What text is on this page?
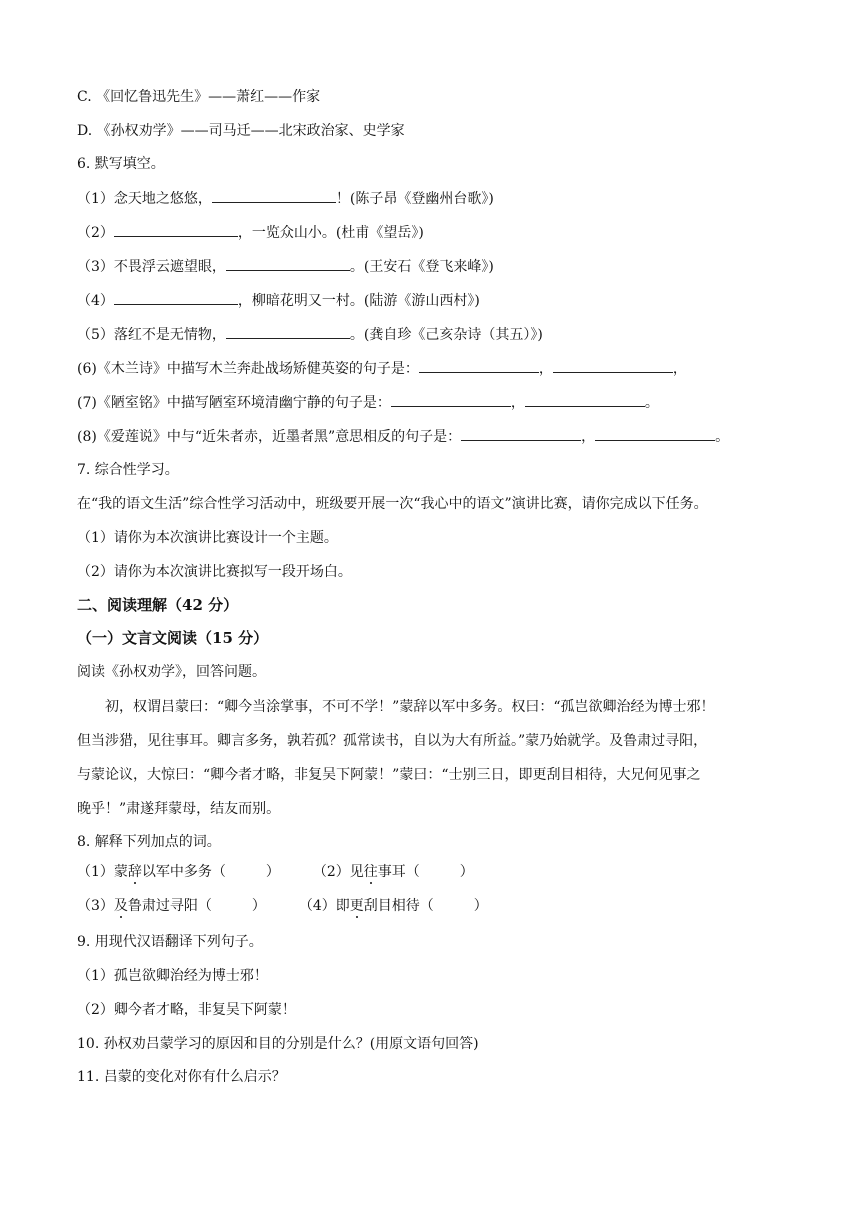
C. 《回忆鲁迅先生》——萧红——作家
D. 《孙权劝学》——司马迁——北宋政治家、史学家
6. 默写填空。
（1）念天地之悠悠，	！(陈子昂《登幽州台歌》)
（2）	，一览众山小。(杜甫《望岳》)
（3）不畏浮云遮望眼，	。(王安石《登飞来峰》)
（4）	，柳暗花明又一村。(陆游《游山西村》)
（5）落红不是无情物，	。(龚自珍《己亥杂诗（其五）》)
(6)《木兰诗》中描写木兰奔赴战场矫健英姿的句子是：	，	，
(7)《陋室铭》中描写陋室环境清幽宁静的句子是：	，	。
(8)《爱莲说》中与“近朱者赤，近墨者黑”意思相反的句子是：	，	。
7. 综合性学习。
在“我的语文生活”综合性学习活动中，班级要开展一次“我心中的语文”演讲比赛，请你完成以下任务。
（1）请你为本次演讲比赛设计一个主题。
（2）请你为本次演讲比赛拟写一段开场白。
二、阅读理解（42 分）
（一）文言文阅读（15 分）
阅读《孙权劝学》，回答问题。
初，权谓吕蒙曰：“卿今当涂掌事，不可不学！”蒙辞以军中多务。权曰：“孤岂欲卿治经为博士邪！
但当涉猎，见往事耳。卿言多务，孰若孤？孤常读书，自以为大有所益。”蒙乃始就学。及鲁肃过寻阳，
与蒙论议，大惊曰：“卿今者才略，非复吴下阿蒙！”蒙曰：“士别三日，即更刮目相待，大兄何见事之
晚乎！”肃遂拜蒙母，结友而别。
8. 解释下列加点的词。
（1）蒙辞以军中多务（	） （2）见往事耳（	）
（3）及鲁肃过寻阳（	） （4）即更刮目相待（	）
9. 用现代汉语翻译下列句子。
（1）孤岂欲卿治经为博士邪！
（2）卿今者才略，非复吴下阿蒙！
10. 孙权劝吕蒙学习的原因和目的分别是什么？(用原文语句回答)
11. 吕蒙的变化对你有什么启示？
